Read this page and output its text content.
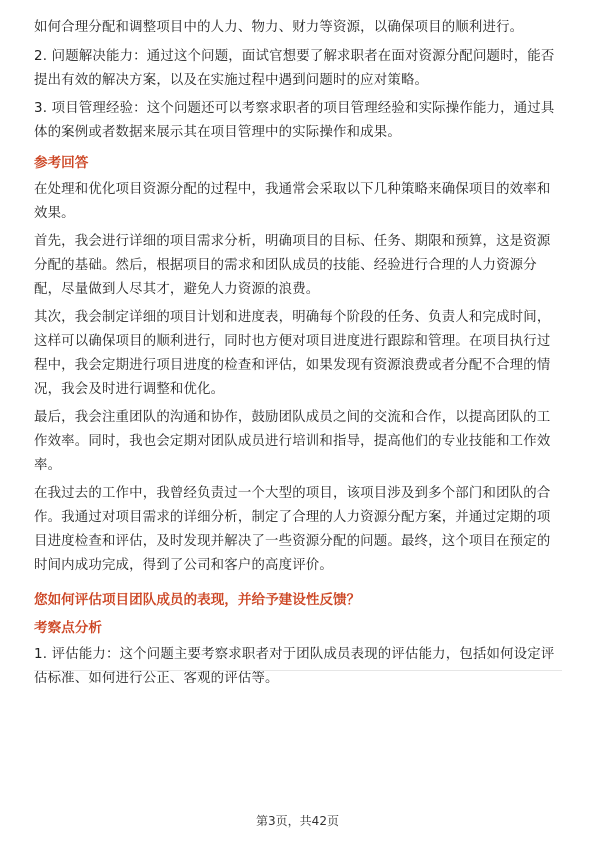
如何合理分配和调整项目中的人力、物力、财力等资源，以确保项目的顺利进行。

2. 问题解决能力：通过这个问题，面试官想要了解求职者在面对资源分配问题时，能否提出有效的解决方案，以及在实施过程中遇到问题时的应对策略。

3. 项目管理经验：这个问题还可以考察求职者的项目管理经验和实际操作能力，通过具体的案例或者数据来展示其在项目管理中的实际操作和成果。

参考回答

在处理和优化项目资源分配的过程中，我通常会采取以下几种策略来确保项目的效率和效果。

首先，我会进行详细的项目需求分析，明确项目的目标、任务、期限和预算，这是资源分配的基础。然后，根据项目的需求和团队成员的技能、经验进行合理的人力资源分配，尽量做到人尽其才，避免人力资源的浪费。

其次，我会制定详细的项目计划和进度表，明确每个阶段的任务、负责人和完成时间，这样可以确保项目的顺利进行，同时也方便对项目进度进行跟踪和管理。在项目执行过程中，我会定期进行项目进度的检查和评估，如果发现有资源浪费或者分配不合理的情况，我会及时进行调整和优化。

最后，我会注重团队的沟通和协作，鼓励团队成员之间的交流和合作，以提高团队的工作效率。同时，我也会定期对团队成员进行培训和指导，提高他们的专业技能和工作效率。

在我过去的工作中，我曾经负责过一个大型的项目，该项目涉及到多个部门和团队的合作。我通过对项目需求的详细分析，制定了合理的人力资源分配方案，并通过定期的项目进度检查和评估，及时发现并解决了一些资源分配的问题。最终，这个项目在预定的时间内成功完成，得到了公司和客户的高度评价。

您如何评估项目团队成员的表现，并给予建设性反馈？
考察点分析

1. 评估能力：这个问题主要考察求职者对于团队成员表现的评估能力，包括如何设定评估标准、如何进行公正、客观的评估等。

第3页，共42页
